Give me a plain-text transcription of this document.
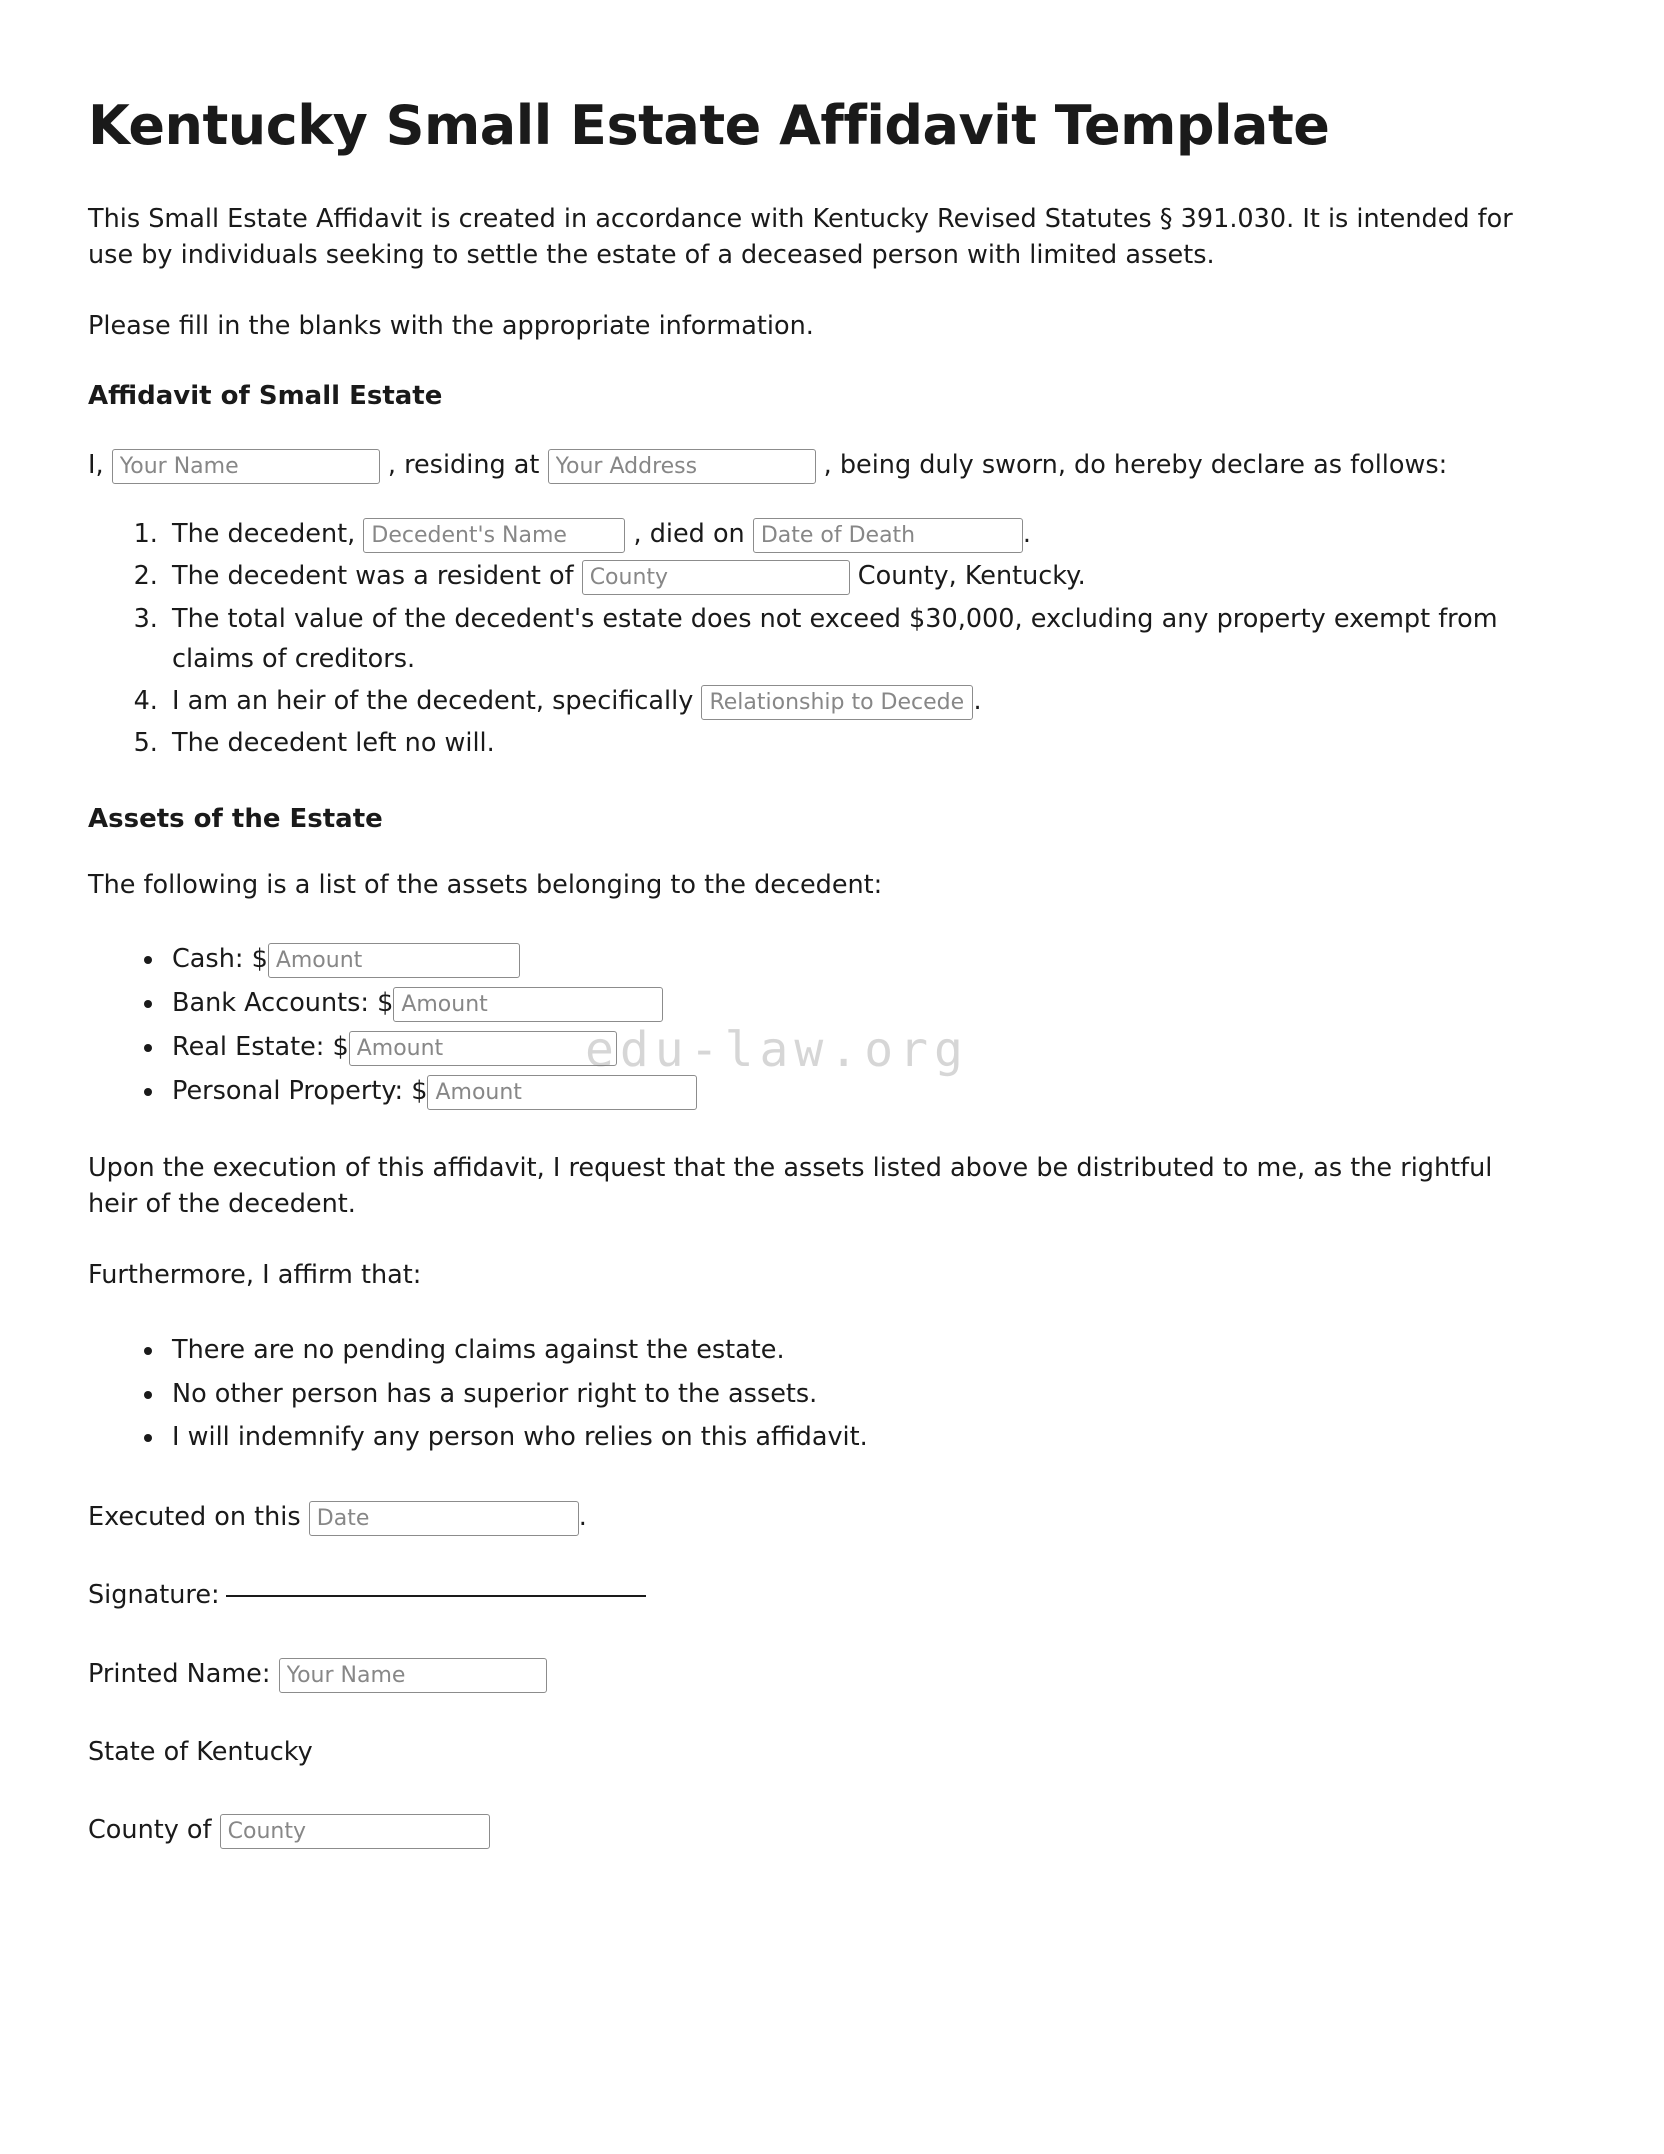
edu-law.org
Kentucky Small Estate Affidavit Template

This Small Estate Affidavit is created in accordance with Kentucky Revised Statutes § 391.030. It is intended for use by individuals seeking to settle the estate of a deceased person with limited assets.

Please fill in the blanks with the appropriate information.

Affidavit of Small Estate
I, Your Name	, residing at Your Address	, being duly sworn, do hereby declare as follows:
1. The decedent, Decedent's Name	, died on Date of Death	.
2. The decedent was a resident of County	County, Kentucky.
3. The total value of the decedent's estate does not exceed $30,000, excluding any property exempt from claims of creditors.
4. I am an heir of the decedent, specifically Relationship to Decedent	.
5. The decedent left no will.
Assets of the Estate

The following is a list of the assets belonging to the decedent:

• Cash: $Amount
• Bank Accounts: $Amount
• Real Estate: $Amount
• Personal Property: $Amount

Upon the execution of this affidavit, I request that the assets listed above be distributed to me, as the rightful heir of the decedent.

Furthermore, I affirm that:

• There are no pending claims against the estate.
• No other person has a superior right to the assets.
• I will indemnify any person who relies on this affidavit.

Executed on this Date	.

Signature:

Printed Name: Your Name

State of Kentucky

County of County
